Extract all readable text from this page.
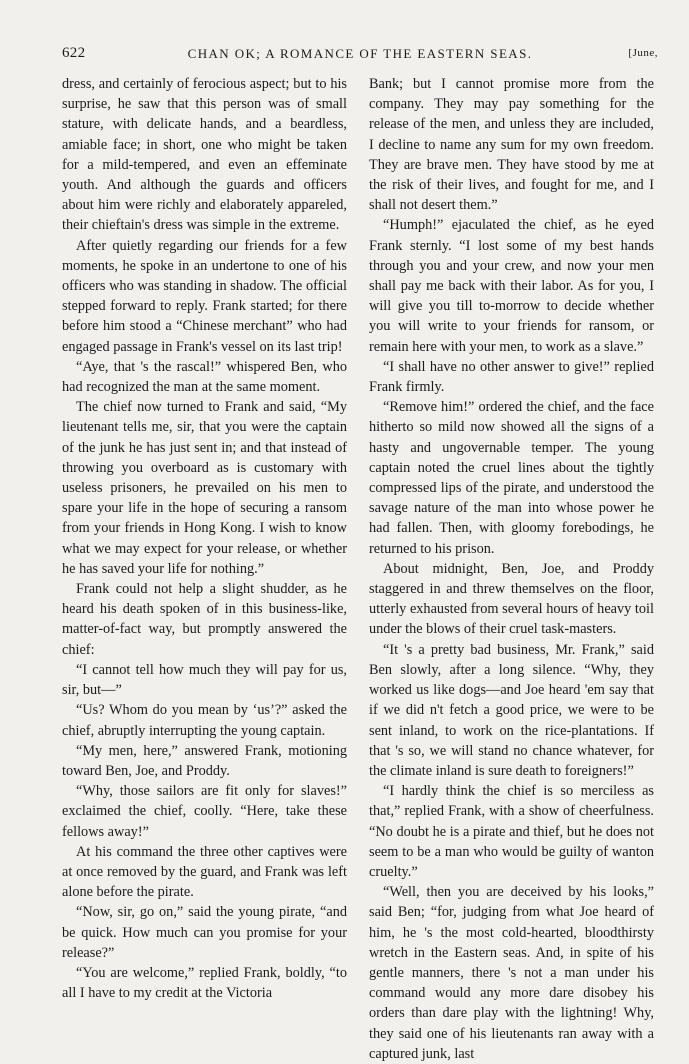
622	CHAN OK; A ROMANCE OF THE EASTERN SEAS.	[June,

dress, and certainly of ferocious aspect; but to his surprise, he saw that this person was of small stature, with delicate hands, and a beardless, amiable face; in short, one who might be taken for a mild-tempered, and even an effeminate youth. And although the guards and officers about him were richly and elaborately appareled, their chieftain's dress was simple in the extreme.

After quietly regarding our friends for a few moments, he spoke in an undertone to one of his officers who was standing in shadow. The official stepped forward to reply. Frank started; for there before him stood a “Chinese merchant” who had engaged passage in Frank's vessel on its last trip!

“Aye, that 's the rascal!” whispered Ben, who had recognized the man at the same moment.

The chief now turned to Frank and said, “My lieutenant tells me, sir, that you were the captain of the junk he has just sent in; and that instead of throwing you overboard as is customary with useless prisoners, he prevailed on his men to spare your life in the hope of securing a ransom from your friends in Hong Kong. I wish to know what we may expect for your release, or whether he has saved your life for nothing.”

Frank could not help a slight shudder, as he heard his death spoken of in this business-like, matter-of-fact way, but promptly answered the chief:

“I cannot tell how much they will pay for us, sir, but—”

“Us? Whom do you mean by ‘us’?” asked the chief, abruptly interrupting the young captain.

“My men, here,” answered Frank, motioning toward Ben, Joe, and Proddy.

“Why, those sailors are fit only for slaves!” exclaimed the chief, coolly. “Here, take these fellows away!”

At his command the three other captives were at once removed by the guard, and Frank was left alone before the pirate.

“Now, sir, go on,” said the young pirate, “and be quick. How much can you promise for your release?”

“You are welcome,” replied Frank, boldly, “to all I have to my credit at the Victoria

Bank; but I cannot promise more from the company. They may pay something for the release of the men, and unless they are included, I decline to name any sum for my own freedom. They are brave men. They have stood by me at the risk of their lives, and fought for me, and I shall not desert them.”

“Humph!” ejaculated the chief, as he eyed Frank sternly. “I lost some of my best hands through you and your crew, and now your men shall pay me back with their labor. As for you, I will give you till to-morrow to decide whether you will write to your friends for ransom, or remain here with your men, to work as a slave.”

“I shall have no other answer to give!” replied Frank firmly.

“Remove him!” ordered the chief, and the face hitherto so mild now showed all the signs of a hasty and ungovernable temper. The young captain noted the cruel lines about the tightly compressed lips of the pirate, and understood the savage nature of the man into whose power he had fallen. Then, with gloomy forebodings, he returned to his prison.

About midnight, Ben, Joe, and Proddy staggered in and threw themselves on the floor, utterly exhausted from several hours of heavy toil under the blows of their cruel task-masters.

“It 's a pretty bad business, Mr. Frank,” said Ben slowly, after a long silence. “Why, they worked us like dogs—and Joe heard 'em say that if we did n't fetch a good price, we were to be sent inland, to work on the rice-plantations. If that 's so, we will stand no chance whatever, for the climate inland is sure death to foreigners!”

“I hardly think the chief is so merciless as that,” replied Frank, with a show of cheerfulness. “No doubt he is a pirate and thief, but he does not seem to be a man who would be guilty of wanton cruelty.”

“Well, then you are deceived by his looks,” said Ben; “for, judging from what Joe heard of him, he 's the most cold-hearted, bloodthirsty wretch in the Eastern seas. And, in spite of his gentle manners, there 's not a man under his command would any more dare disobey his orders than dare play with the lightning! Why, they said one of his lieutenants ran away with a captured junk, last
